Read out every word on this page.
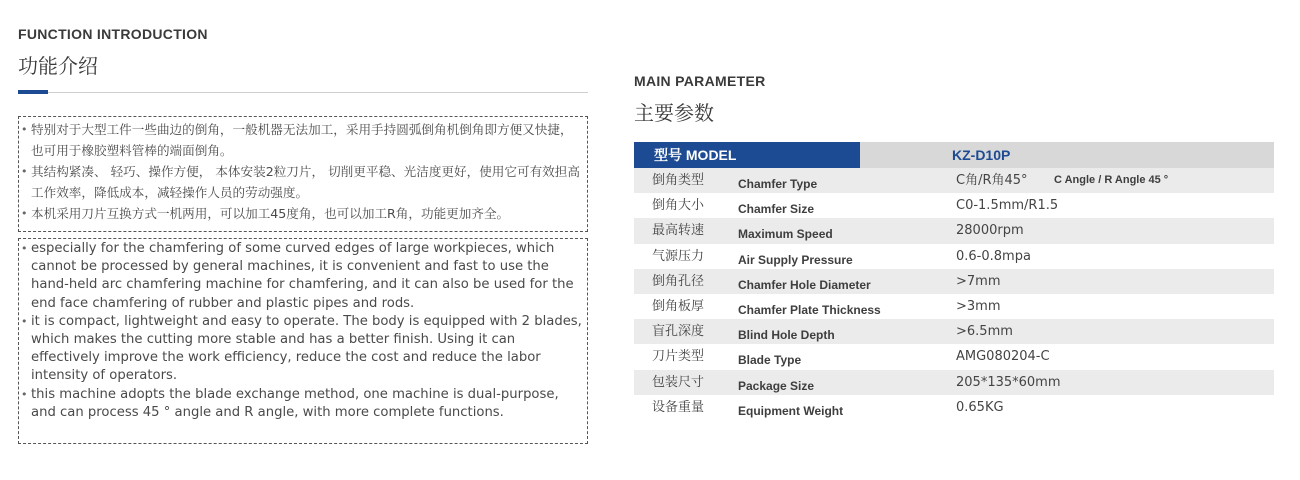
FUNCTION INTRODUCTION
功能介绍
• 特别对于大型工件一些曲边的倒角，一般机器无法加工，采用手持圆弧倒角机倒角即方便又快捷，也可用于橡胶塑料管棒的端面倒角。
• 其结构紧凑、 轻巧、操作方便， 本体安装2粒刀片， 切削更平稳、光洁度更好，使用它可有效担高工作效率，降低成本，减轻操作人员的劳动强度。
• 本机采用刀片互换方式一机两用，可以加工45度角，也可以加工R角，功能更加齐全。
• especially for the chamfering of some curved edges of large workpieces, which cannot be processed by general machines, it is convenient and fast to use the hand-held arc chamfering machine for chamfering, and it can also be used for the end face chamfering of rubber and plastic pipes and rods.
• it is compact, lightweight and easy to operate. The body is equipped with 2 blades, which makes the cutting more stable and has a better finish. Using it can effectively improve the work efficiency, reduce the cost and reduce the labor intensity of operators.
• this machine adopts the blade exchange method, one machine is dual-purpose, and can process 45 ° angle and R angle, with more complete functions.
MAIN PARAMETER
主要参数
型号 MODEL	KZ-D10P
倒角类型	Chamfer Type	C角/R角45° C Angle / R Angle 45 °
倒角大小	Chamfer Size	C0-1.5mm/R1.5
最高转速	Maximum Speed	28000rpm
气源压力	Air Supply Pressure	0.6-0.8mpa
倒角孔径	Chamfer Hole Diameter	>7mm
倒角板厚	Chamfer Plate Thickness	>3mm
盲孔深度	Blind Hole Depth	>6.5mm
刀片类型	Blade Type	AMG080204-C
包装尺寸	Package Size	205*135*60mm
设备重量	Equipment Weight	0.65KG
